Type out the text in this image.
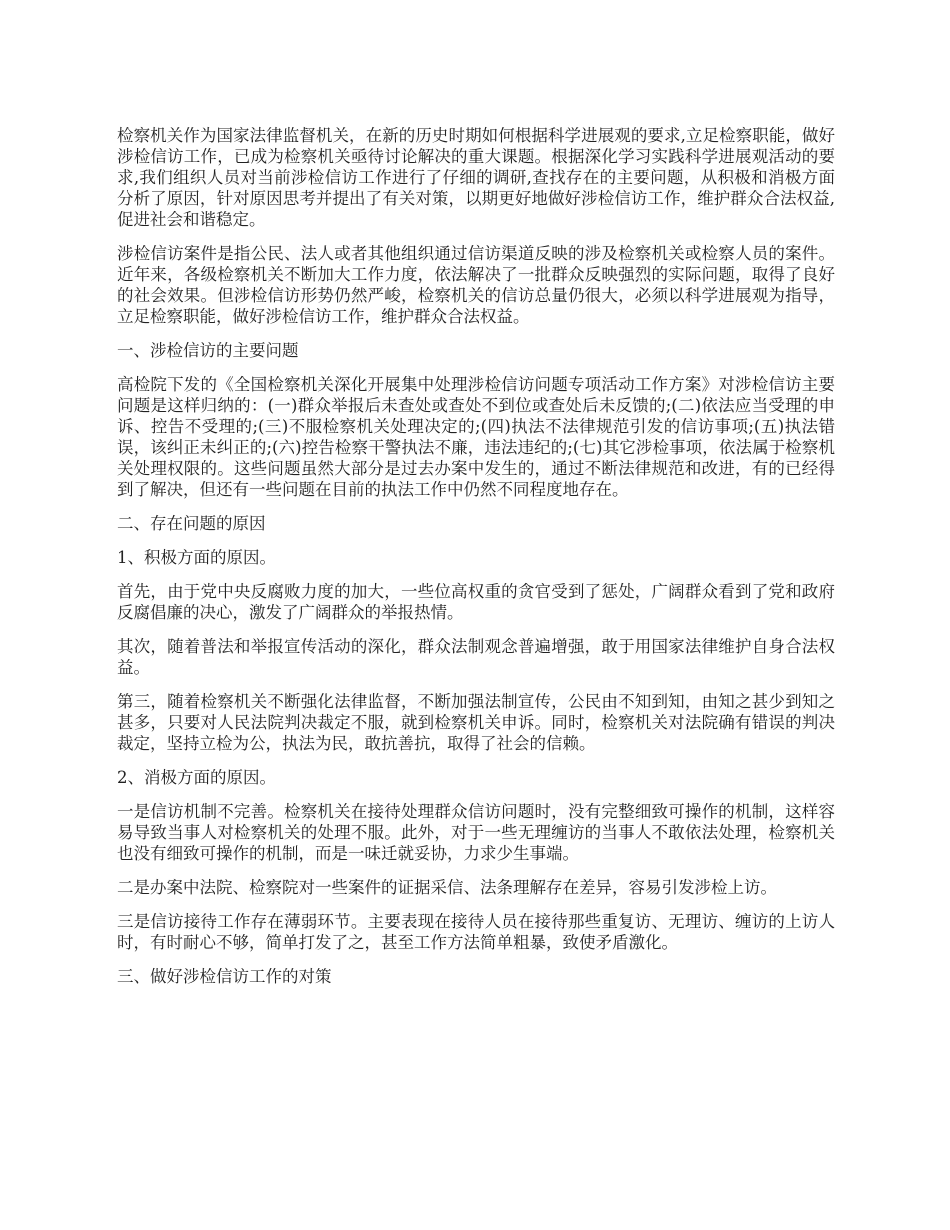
检察机关作为国家法律监督机关，在新的历史时期如何根据科学进展观的要求,立足检察职能，做好涉检信访工作，已成为检察机关亟待讨论解决的重大课题。根据深化学习实践科学进展观活动的要求,我们组织人员对当前涉检信访工作进行了仔细的调研,查找存在的主要问题，从积极和消极方面分析了原因，针对原因思考并提出了有关对策，以期更好地做好涉检信访工作，维护群众合法权益,促进社会和谐稳定。

涉检信访案件是指公民、法人或者其他组织通过信访渠道反映的涉及检察机关或检察人员的案件。近年来，各级检察机关不断加大工作力度，依法解决了一批群众反映强烈的实际问题，取得了良好的社会效果。但涉检信访形势仍然严峻，检察机关的信访总量仍很大，必须以科学进展观为指导，立足检察职能，做好涉检信访工作，维护群众合法权益。

一、涉检信访的主要问题

高检院下发的《全国检察机关深化开展集中处理涉检信访问题专项活动工作方案》对涉检信访主要问题是这样归纳的：(一)群众举报后未查处或查处不到位或查处后未反馈的;(二)依法应当受理的申诉、控告不受理的;(三)不服检察机关处理决定的;(四)执法不法律规范引发的信访事项;(五)执法错误，该纠正未纠正的;(六)控告检察干警执法不廉，违法违纪的;(七)其它涉检事项，依法属于检察机关处理权限的。这些问题虽然大部分是过去办案中发生的，通过不断法律规范和改进，有的已经得到了解决，但还有一些问题在目前的执法工作中仍然不同程度地存在。

二、存在问题的原因

1、积极方面的原因。

首先，由于党中央反腐败力度的加大，一些位高权重的贪官受到了惩处，广阔群众看到了党和政府反腐倡廉的决心，激发了广阔群众的举报热情。

其次，随着普法和举报宣传活动的深化，群众法制观念普遍增强，敢于用国家法律维护自身合法权益。

第三，随着检察机关不断强化法律监督，不断加强法制宣传，公民由不知到知，由知之甚少到知之甚多，只要对人民法院判决裁定不服，就到检察机关申诉。同时，检察机关对法院确有错误的判决裁定，坚持立检为公，执法为民，敢抗善抗，取得了社会的信赖。

2、消极方面的原因。

一是信访机制不完善。检察机关在接待处理群众信访问题时，没有完整细致可操作的机制，这样容易导致当事人对检察机关的处理不服。此外，对于一些无理缠访的当事人不敢依法处理，检察机关也没有细致可操作的机制，而是一味迁就妥协，力求少生事端。

二是办案中法院、检察院对一些案件的证据采信、法条理解存在差异，容易引发涉检上访。

三是信访接待工作存在薄弱环节。主要表现在接待人员在接待那些重复访、无理访、缠访的上访人时，有时耐心不够，简单打发了之，甚至工作方法简单粗暴，致使矛盾激化。

三、做好涉检信访工作的对策
